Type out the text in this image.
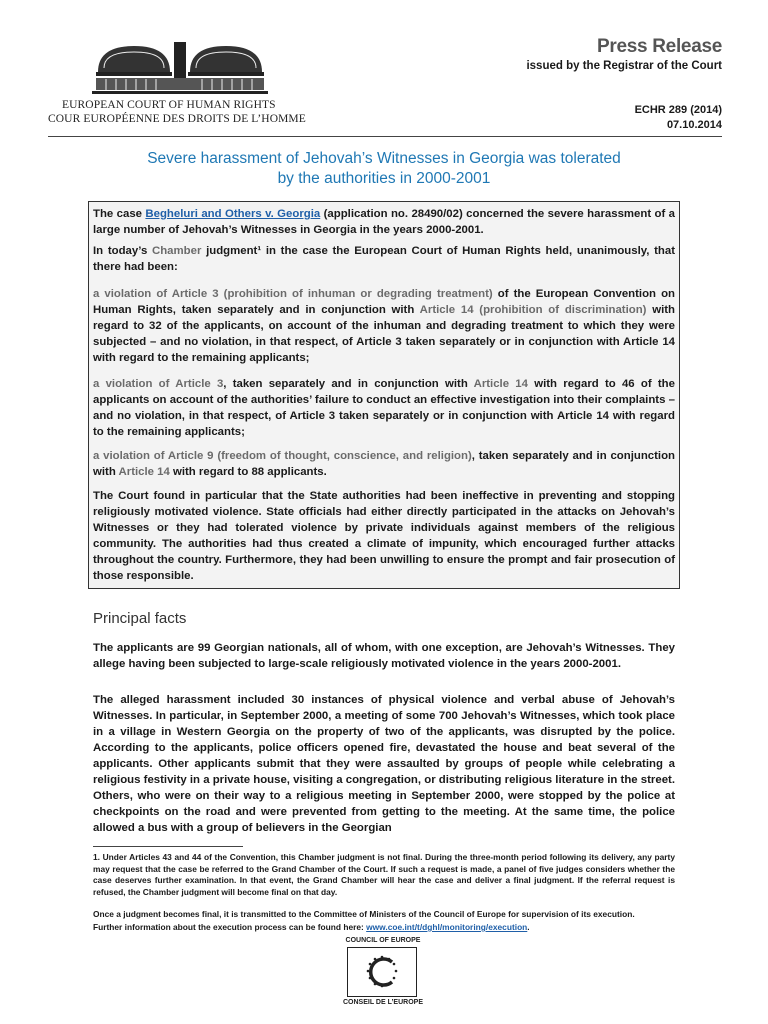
EUROPEAN COURT OF HUMAN RIGHTS
COUR EUROPÉENNE DES DROITS DE L’HOMME
Press Release
issued by the Registrar of the Court
ECHR 289 (2014)
07.10.2014
Severe harassment of Jehovah’s Witnesses in Georgia was tolerated
by the authorities in 2000-2001
The case Begheluri and Others v. Georgia (application no. 28490/02) concerned the severe harassment of a large number of Jehovah’s Witnesses in Georgia in the years 2000-2001.
In today’s Chamber judgment¹ in the case the European Court of Human Rights held, unanimously, that there had been:
a violation of Article 3 (prohibition of inhuman or degrading treatment) of the European Convention on Human Rights, taken separately and in conjunction with Article 14 (prohibition of discrimination) with regard to 32 of the applicants, on account of the inhuman and degrading treatment to which they were subjected – and no violation, in that respect, of Article 3 taken separately or in conjunction with Article 14 with regard to the remaining applicants;
a violation of Article 3, taken separately and in conjunction with Article 14 with regard to 46 of the applicants on account of the authorities’ failure to conduct an effective investigation into their complaints – and no violation, in that respect, of Article 3 taken separately or in conjunction with Article 14 with regard to the remaining applicants;
a violation of Article 9 (freedom of thought, conscience, and religion), taken separately and in conjunction with Article 14 with regard to 88 applicants.
The Court found in particular that the State authorities had been ineffective in preventing and stopping religiously motivated violence. State officials had either directly participated in the attacks on Jehovah’s Witnesses or they had tolerated violence by private individuals against members of the religious community. The authorities had thus created a climate of impunity, which encouraged further attacks throughout the country. Furthermore, they had been unwilling to ensure the prompt and fair prosecution of those responsible.
Principal facts
The applicants are 99 Georgian nationals, all of whom, with one exception, are Jehovah’s Witnesses. They allege having been subjected to large-scale religiously motivated violence in the years 2000-2001.
The alleged harassment included 30 instances of physical violence and verbal abuse of Jehovah’s Witnesses. In particular, in September 2000, a meeting of some 700 Jehovah’s Witnesses, which took place in a village in Western Georgia on the property of two of the applicants, was disrupted by the police. According to the applicants, police officers opened fire, devastated the house and beat several of the applicants. Other applicants submit that they were assaulted by groups of people while celebrating a religious festivity in a private house, visiting a congregation, or distributing religious literature in the street. Others, who were on their way to a religious meeting in September 2000, were stopped by the police at checkpoints on the road and were prevented from getting to the meeting. At the same time, the police allowed a bus with a group of believers in the Georgian
1. Under Articles 43 and 44 of the Convention, this Chamber judgment is not final. During the three-month period following its delivery, any party may request that the case be referred to the Grand Chamber of the Court. If such a request is made, a panel of five judges considers whether the case deserves further examination. In that event, the Grand Chamber will hear the case and deliver a final judgment. If the referral request is refused, the Chamber judgment will become final on that day.
Once a judgment becomes final, it is transmitted to the Committee of Ministers of the Council of Europe for supervision of its execution.
Further information about the execution process can be found here: www.coe.int/t/dghl/monitoring/execution.
COUNCIL OF EUROPE
CONSEIL DE L’EUROPE
